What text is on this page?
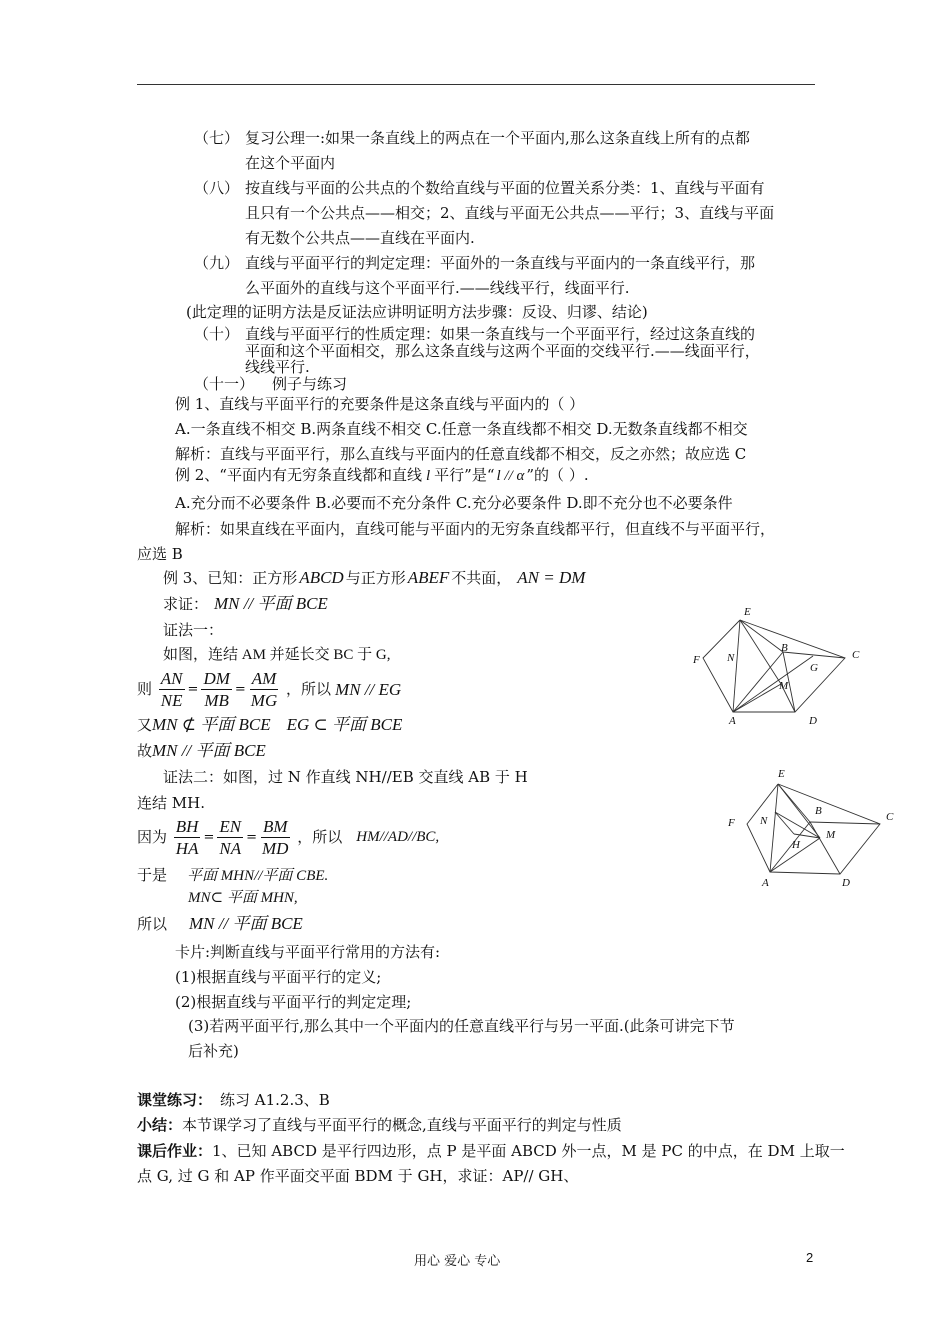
（七） 复习公理一:如果一条直线上的两点在一个平面内,那么这条直线上所有的点都
在这个平面内
（八） 按直线与平面的公共点的个数给直线与平面的位置关系分类：1、直线与平面有
且只有一个公共点——相交；2、直线与平面无公共点——平行；3、直线与平面
有无数个公共点——直线在平面内.
（九） 直线与平面平行的判定定理：平面外的一条直线与平面内的一条直线平行，那
么平面外的直线与这个平面平行.——线线平行，线面平行.
(此定理的证明方法是反证法应讲明证明方法步骤：反设、归谬、结论)
（十） 直线与平面平行的性质定理：如果一条直线与一个平面平行，经过这条直线的
平面和这个平面相交，那么这条直线与这两个平面的交线平行.——线面平行，
线线平行.
（十一） 例子与练习
例 1、直线与平面平行的充要条件是这条直线与平面内的（ ）
A.一条直线不相交 B.两条直线不相交 C.任意一条直线都不相交 D.无数条直线都不相交
解析：直线与平面平行，那么直线与平面内的任意直线都不相交，反之亦然；故应选 C
例 2、“平面内有无穷条直线都和直线 l 平行”是“ l // α ”的（ ）.
A.充分而不必要条件 B.必要而不充分条件 C.充分必要条件 D.即不充分也不必要条件
解析：如果直线在平面内，直线可能与平面内的无穷条直线都平行，但直线不与平面平行，
应选 B
例 3、已知：正方形 ABCD 与正方形 ABEF 不共面， AN = DM
求证： MN // 平面 BCE
证法一：
如图，连结 AM 并延长交 BC 于 G,
则 $\frac{AN}{NE} = \frac{DM}{MB} = \frac{AM}{MG}$ ，所以 MN // EG
又MN ⊄ 平面 BCE EG ⊂ 平面 BCE
故MN // 平面 BCE
证法二：如图，过 N 作直线 NH//EB 交直线 AB 于 H
连结 MH.
因为 $\frac{BH}{HA} = \frac{EN}{NA} = \frac{BM}{MD}$ ，所以 HM//AD//BC,
于是 平面 MHN//平面 CBE.
MN⊂ 平面 MHN,
所以 MN // 平面 BCE
卡片:判断直线与平面平行常用的方法有:
(1)根据直线与平面平行的定义;
(2)根据直线与平面平行的判定定理;
(3)若两平面平行,那么其中一个平面内的任意直线平行与另一平面.(此条可讲完下节
后补充)
课堂练习： 练习 A1.2.3、B
小结：本节课学习了直线与平面平行的概念,直线与平面平行的判定与性质
课后作业：1、已知 ABCD 是平行四边形，点 P 是平面 ABCD 外一点，M 是 PC 的中点，在 DM 上取一
点 G, 过 G 和 AP 作平面交平面 BDM 于 GH，求证：AP// GH、
E
F N
B
G
C
M
A	D
E
F N
B
M
C
H
A	D
用心 爱心 专心	2
